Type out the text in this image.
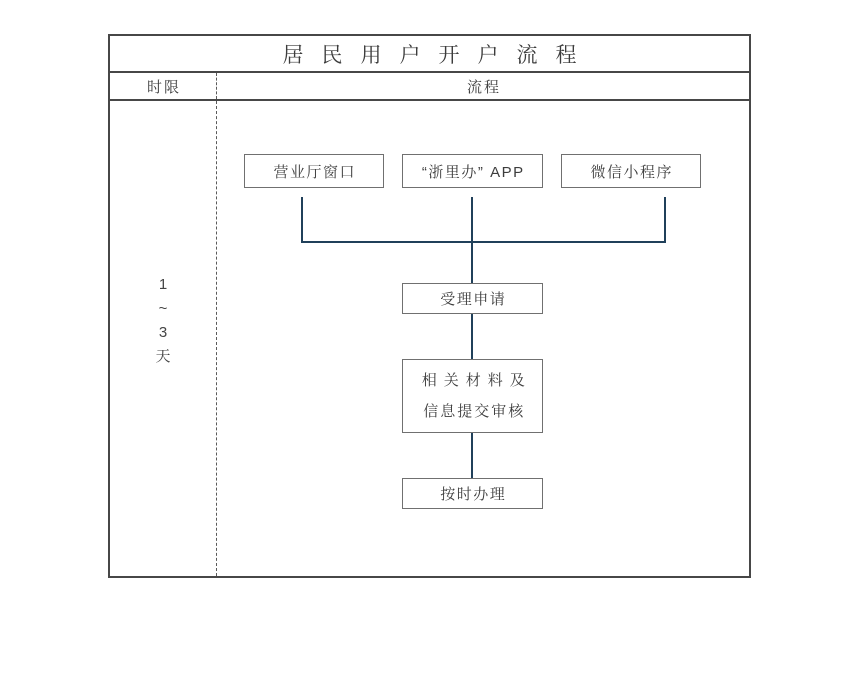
居民用户开户流程
时限	流程
1
~
3
天
营业厅窗口	“浙里办” APP	微信小程序
受理申请
相关材料及
信息提交审核
按时办理
